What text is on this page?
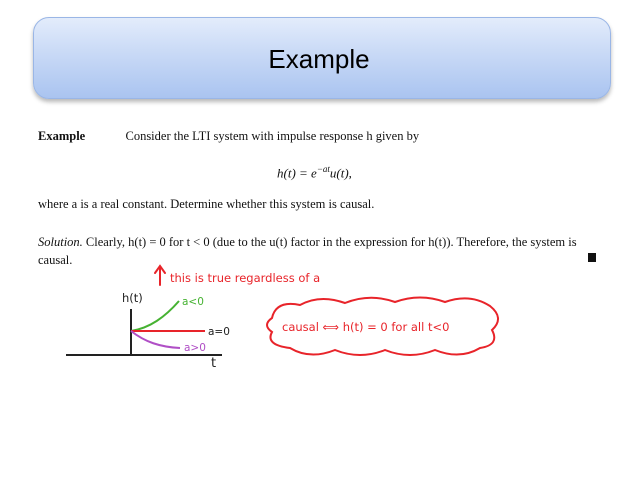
Example
Example	Consider the LTI system with impulse response h given by
$h(t) = e^{-at}u(t)$,
where a is a real constant. Determine whether this system is causal.
Solution. Clearly, h(t) = 0 for t < 0 (due to the u(t) factor in the expression for h(t)). Therefore, the system is causal.
this is true regardless of a
h(t)
t
a<0
a=0
a>0
causal ⟺ h(t) = 0 for all t<0
